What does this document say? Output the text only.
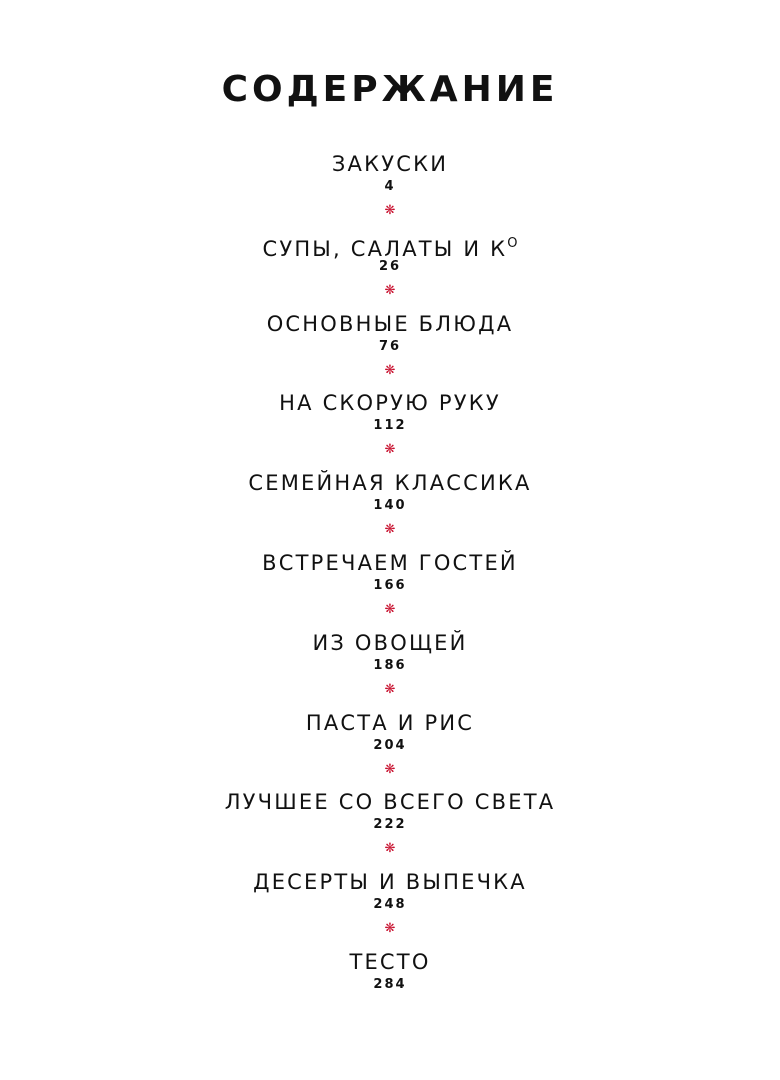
СОДЕРЖАНИЕ
ЗАКУСКИ
4
❋
СУПЫ, САЛАТЫ И $К^О$
26
❋
ОСНОВНЫЕ БЛЮДА
76
❋
НА СКОРУЮ РУКУ
112
❋
СЕМЕЙНАЯ КЛАССИКА
140
❋
ВСТРЕЧАЕМ ГОСТЕЙ
166
❋
ИЗ ОВОЩЕЙ
186
❋
ПАСТА И РИС
204
❋
ЛУЧШЕЕ СО ВСЕГО СВЕТА
222
❋
ДЕСЕРТЫ И ВЫПЕЧКА
248
❋
ТЕСТО
284
